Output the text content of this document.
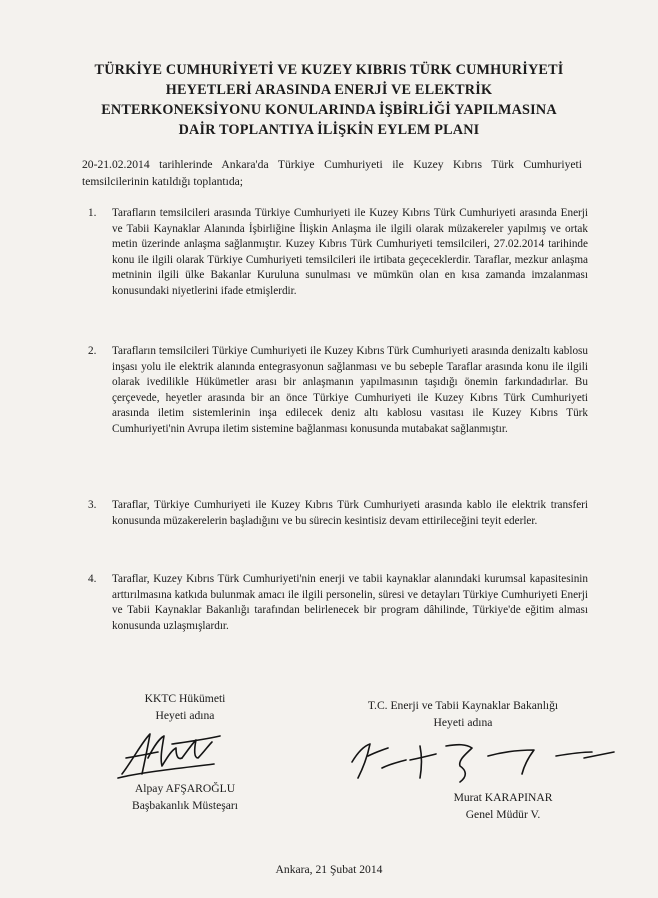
TÜRKİYE CUMHURİYETİ VE KUZEY KIBRIS TÜRK CUMHURİYETİ
HEYETLERİ ARASINDA ENERJİ VE ELEKTRİK
ENTERKONEKSİYONU KONULARINDA İŞBİRLİĞİ YAPILMASINA
DAİR TOPLANTIYA İLİŞKİN EYLEM PLANI
20-21.02.2014 tarihlerinde Ankara'da Türkiye Cumhuriyeti ile Kuzey Kıbrıs Türk Cumhuriyeti temsilcilerinin katıldığı toplantıda;
1.	Tarafların temsilcileri arasında Türkiye Cumhuriyeti ile Kuzey Kıbrıs Türk Cumhuriyeti arasında Enerji ve Tabii Kaynaklar Alanında İşbirliğine İlişkin Anlaşma ile ilgili olarak müzakereler yapılmış ve ortak metin üzerinde anlaşma sağlanmıştır. Kuzey Kıbrıs Türk Cumhuriyeti temsilcileri, 27.02.2014 tarihinde konu ile ilgili olarak Türkiye Cumhuriyeti temsilcileri ile irtibata geçeceklerdir. Taraflar, mezkur anlaşma metninin ilgili ülke Bakanlar Kuruluna sunulması ve mümkün olan en kısa zamanda imzalanması konusundaki niyetlerini ifade etmişlerdir.
2.	Tarafların temsilcileri Türkiye Cumhuriyeti ile Kuzey Kıbrıs Türk Cumhuriyeti arasında denizaltı kablosu inşası yolu ile elektrik alanında entegrasyonun sağlanması ve bu sebeple Taraflar arasında konu ile ilgili olarak ivedilikle Hükümetler arası bir anlaşmanın yapılmasının taşıdığı önemin farkındadırlar. Bu çerçevede, heyetler arasında bir an önce Türkiye Cumhuriyeti ile Kuzey Kıbrıs Türk Cumhuriyeti arasında iletim sistemlerinin inşa edilecek deniz altı kablosu vasıtası ile Kuzey Kıbrıs Türk Cumhuriyeti'nin Avrupa iletim sistemine bağlanması konusunda mutabakat sağlanmıştır.
3.	Taraflar, Türkiye Cumhuriyeti ile Kuzey Kıbrıs Türk Cumhuriyeti arasında kablo ile elektrik transferi konusunda müzakerelerin başladığını ve bu sürecin kesintisiz devam ettirileceğini teyit ederler.
4.	Taraflar, Kuzey Kıbrıs Türk Cumhuriyeti'nin enerji ve tabii kaynaklar alanındaki kurumsal kapasitesinin arttırılmasına katkıda bulunmak amacı ile ilgili personelin, süresi ve detayları Türkiye Cumhuriyeti Enerji ve Tabii Kaynaklar Bakanlığı tarafından belirlenecek bir program dâhilinde, Türkiye'de eğitim alması konusunda uzlaşmışlardır.
KKTC Hükümeti
Heyeti adına
Alpay AFŞAROĞLU
Başbakanlık Müsteşarı
T.C. Enerji ve Tabii Kaynaklar Bakanlığı
Heyeti adına
Murat KARAPINAR
Genel Müdür V.
Ankara, 21 Şubat 2014
